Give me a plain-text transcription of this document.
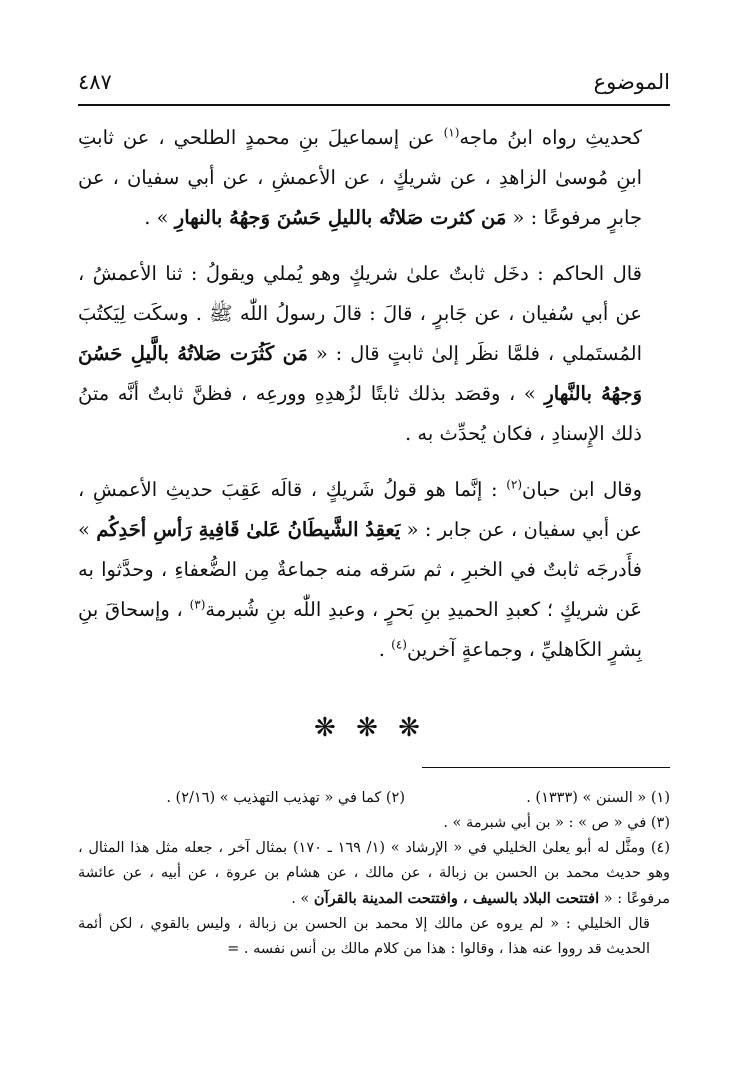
الموضوع
٤٨٧

كحديثِ رواه ابنُ ماجه$^{(١)}$ عن إسماعيلَ بنِ محمدٍ الطلحي ، عن ثابتِ ابنِ مُوسىٰ الزاهدِ ، عن شريكٍ ، عن الأعمشِ ، عن أبي سفيان ، عن جابرٍ مرفوعًا : « مَن كثرت صَلاتُه بالليلِ حَسُنَ وَجهُهُ بالنهارِ » .

قال الحاكم : دخَل ثابتٌ علىٰ شريكٍ وهو يُملي ويقولُ : ثنا الأعمشُ ، عن أبي سُفيان ، عن جَابرٍ ، قالَ : قالَ رسولُ اللّٰه ﷺ . وسكَت لِيَكتُبَ المُستَملي ، فلمَّا نظَر إلىٰ ثابتٍ قال : « مَن كَثُرَت صَلاتُهُ بالَّيلِ حَسُنَ وَجهُهُ بالنَّهارِ » ، وقصَد بذلك ثابتًا لزُهدِهِ وورعِه ، فظنَّ ثابتٌ أنَّه متنُ ذلك الإِسنادِ ، فكان يُحدِّث به .

وقال ابن حبان$^{(٢)}$ : إنَّما هو قولُ شَريكٍ ، قالَه عَقِبَ حديثِ الأعمشِ ، عن أبي سفيان ، عن جابر : « يَعقِدُ الشَّيطَانُ عَلىٰ قَافِيةِ رَأسِ أحَدِكُم » فأَدرجَه ثابتٌ في الخبرِ ، ثم سَرقه منه جماعةٌ مِن الضُّعفاءِ ، وحدَّثوا به عَن شريكٍ ؛ كعبدِ الحميدِ بنِ بَحرٍ ، وعبدِ اللّٰه بنِ شُبرمة$^{(٣)}$ ، وإسحاقَ بنِ بِشرٍ الكَاهليِّ ، وجماعةٍ آخرين$^{(٤)}$ .

❋ ❋ ❋
(١) « السنن » (١٣٣٣) .
(٢) كما في « تهذيب التهذيب » (٢/١٦) .

(٣) في « ص » : « بن أبي شبرمة » .

(٤) ومثَّل له أبو يعلىٰ الخليلي في « الإرشاد » (١/ ١٦٩ ـ ١٧٠) بمثال آخر ، جعله مثل هذا المثال ، وهو حديث محمد بن الحسن بن زبالة ، عن مالك ، عن هشام بن عروة ، عن أبيه ، عن عائشة مرفوعًا : « افتتحت البلاد بالسيف ، وافتتحت المدينة بالقرآن » .

قال الخليلي : « لم يروه عن مالك إلا محمد بن الحسن بن زبالة ، وليس بالقوي ، لكن أئمة الحديث قد رووا عنه هذا ، وقالوا : هذا من كلام مالك بن أنس نفسه . =
